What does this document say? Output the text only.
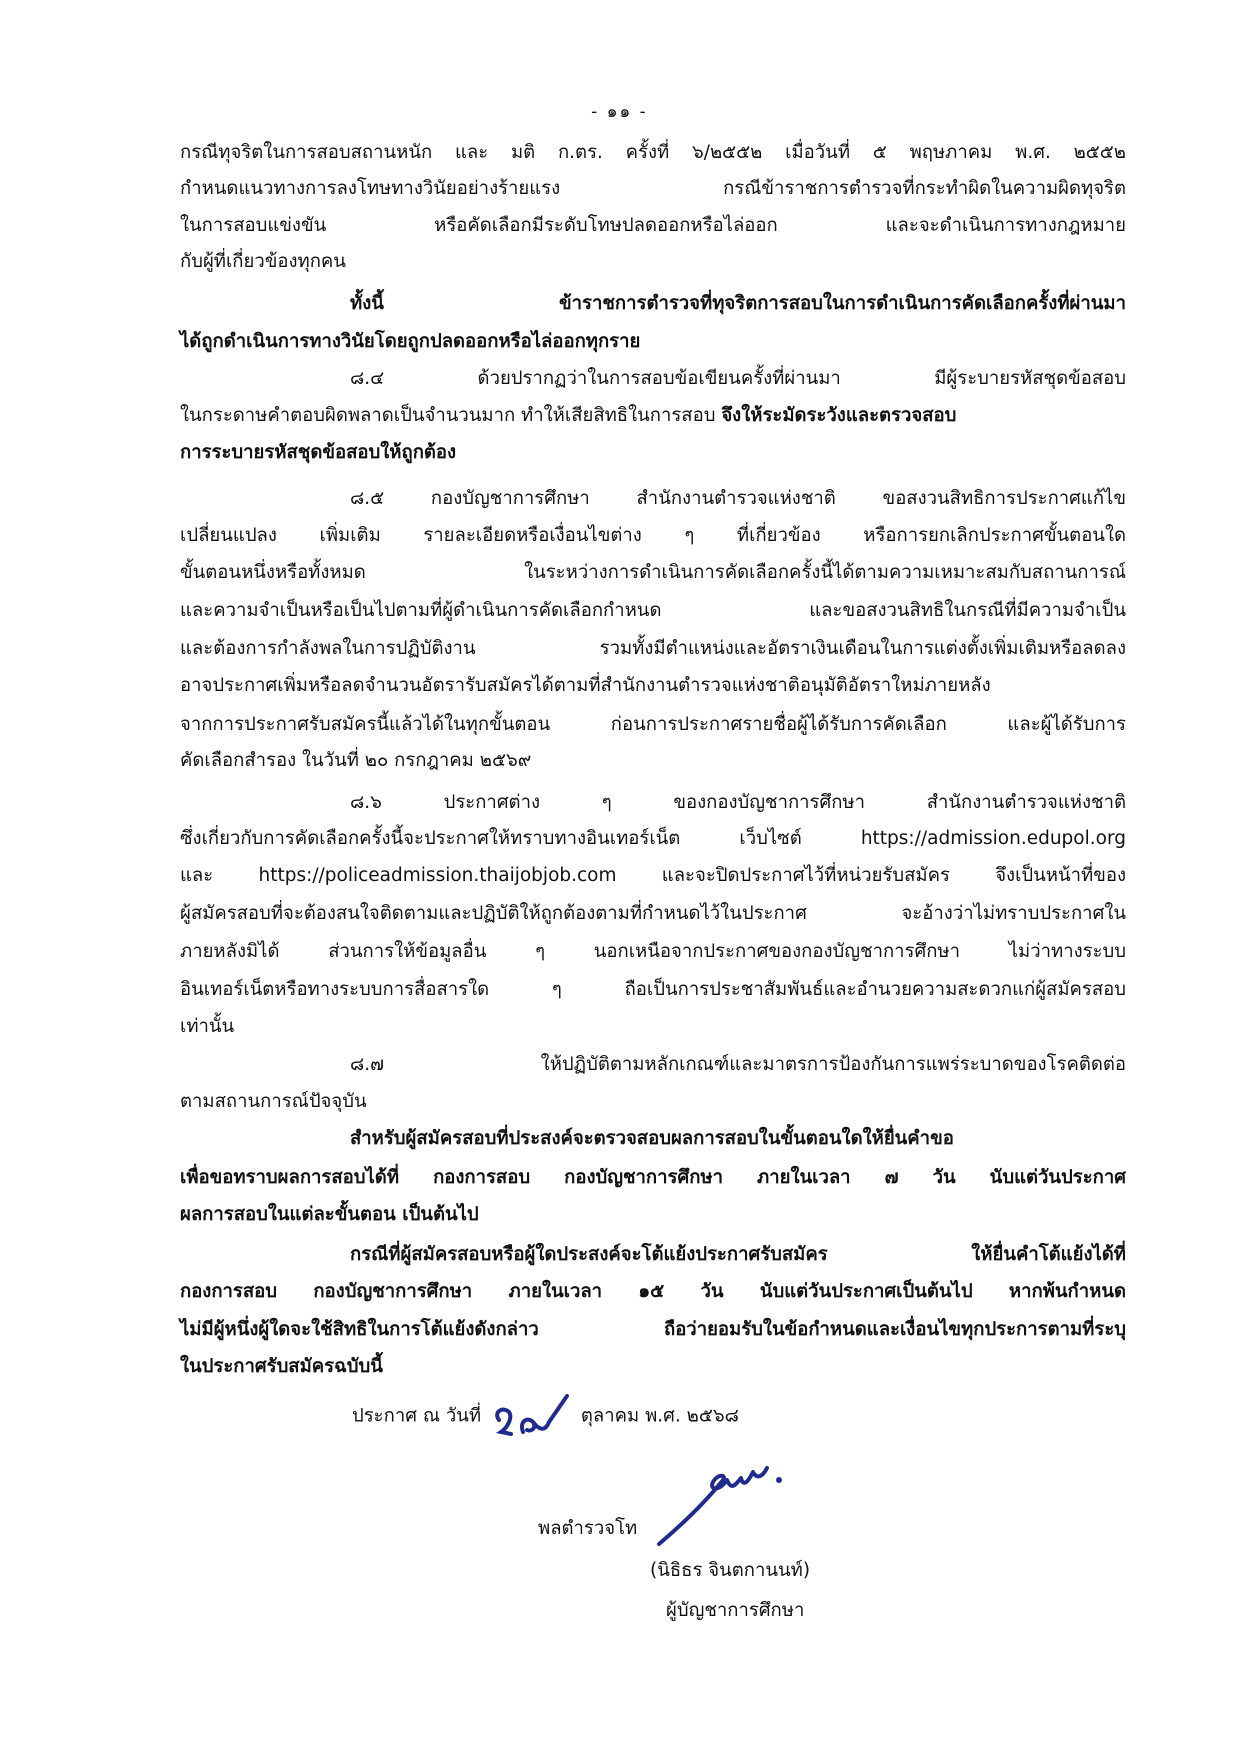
- ๑๑ -
กรณีทุจริตในการสอบสถานหนัก และ มติ ก.ตร. ครั้งที่ ๖/๒๕๕๒ เมื่อวันที่ ๕ พฤษภาคม พ.ศ. ๒๕๕๒
กำหนดแนวทางการลงโทษทางวินัยอย่างร้ายแรง กรณีข้าราชการตำรวจที่กระทำผิดในความผิดทุจริต
ในการสอบแข่งขัน หรือคัดเลือกมีระดับโทษปลดออกหรือไล่ออก และจะดำเนินการทางกฎหมาย
กับผู้ที่เกี่ยวข้องทุกคน
ทั้งนี้ ข้าราชการตำรวจที่ทุจริตการสอบในการดำเนินการคัดเลือกครั้งที่ผ่านมา
ได้ถูกดำเนินการทางวินัยโดยถูกปลดออกหรือไล่ออกทุกราย
๘.๔ ด้วยปรากฏว่าในการสอบข้อเขียนครั้งที่ผ่านมา มีผู้ระบายรหัสชุดข้อสอบ
ในกระดาษคำตอบผิดพลาดเป็นจำนวนมาก ทำให้เสียสิทธิในการสอบ จึงให้ระมัดระวังและตรวจสอบ
การระบายรหัสชุดข้อสอบให้ถูกต้อง
๘.๕ กองบัญชาการศึกษา สำนักงานตำรวจแห่งชาติ ขอสงวนสิทธิการประกาศแก้ไข
เปลี่ยนแปลง เพิ่มเติม รายละเอียดหรือเงื่อนไขต่าง ๆ ที่เกี่ยวข้อง หรือการยกเลิกประกาศขั้นตอนใด
ขั้นตอนหนึ่งหรือทั้งหมด ในระหว่างการดำเนินการคัดเลือกครั้งนี้ได้ตามความเหมาะสมกับสถานการณ์
และความจำเป็นหรือเป็นไปตามที่ผู้ดำเนินการคัดเลือกกำหนด และขอสงวนสิทธิในกรณีที่มีความจำเป็น
และต้องการกำลังพลในการปฏิบัติงาน รวมทั้งมีตำแหน่งและอัตราเงินเดือนในการแต่งตั้งเพิ่มเติมหรือลดลง
อาจประกาศเพิ่มหรือลดจำนวนอัตรารับสมัครได้ตามที่สำนักงานตำรวจแห่งชาติอนุมัติอัตราใหม่ภายหลัง
จากการประกาศรับสมัครนี้แล้วได้ในทุกขั้นตอน ก่อนการประกาศรายชื่อผู้ได้รับการคัดเลือก และผู้ได้รับการ
คัดเลือกสำรอง ในวันที่ ๒๐ กรกฎาคม ๒๕๖๙
๘.๖ ประกาศต่าง ๆ ของกองบัญชาการศึกษา สำนักงานตำรวจแห่งชาติ
ซึ่งเกี่ยวกับการคัดเลือกครั้งนี้จะประกาศให้ทราบทางอินเทอร์เน็ต เว็บไซต์ https://admission.edupol.org
และ https://policeadmission.thaijobjob.com และจะปิดประกาศไว้ที่หน่วยรับสมัคร จึงเป็นหน้าที่ของ
ผู้สมัครสอบที่จะต้องสนใจติดตามและปฏิบัติให้ถูกต้องตามที่กำหนดไว้ในประกาศ จะอ้างว่าไม่ทราบประกาศใน
ภายหลังมิได้ ส่วนการให้ข้อมูลอื่น ๆ นอกเหนือจากประกาศของกองบัญชาการศึกษา ไม่ว่าทางระบบ
อินเทอร์เน็ตหรือทางระบบการสื่อสารใด ๆ ถือเป็นการประชาสัมพันธ์และอำนวยความสะดวกแก่ผู้สมัครสอบ
เท่านั้น
๘.๗ ให้ปฏิบัติตามหลักเกณฑ์และมาตรการป้องกันการแพร่ระบาดของโรคติดต่อ
ตามสถานการณ์ปัจจุบัน
สำหรับผู้สมัครสอบที่ประสงค์จะตรวจสอบผลการสอบในขั้นตอนใดให้ยื่นคำขอ
เพื่อขอทราบผลการสอบได้ที่ กองการสอบ กองบัญชาการศึกษา ภายในเวลา ๗ วัน นับแต่วันประกาศ
ผลการสอบในแต่ละขั้นตอน เป็นต้นไป
กรณีที่ผู้สมัครสอบหรือผู้ใดประสงค์จะโต้แย้งประกาศรับสมัคร ให้ยื่นคำโต้แย้งได้ที่
กองการสอบ กองบัญชาการศึกษา ภายในเวลา ๑๕ วัน นับแต่วันประกาศเป็นต้นไป หากพ้นกำหนด
ไม่มีผู้หนึ่งผู้ใดจะใช้สิทธิในการโต้แย้งดังกล่าว ถือว่ายอมรับในข้อกำหนดและเงื่อนไขทุกประการตามที่ระบุ
ในประกาศรับสมัครฉบับนี้
ประกาศ ณ วันที่	ตุลาคม พ.ศ. ๒๕๖๘
พลตำรวจโท
(นิธิธร จินตกานนท์)
ผู้บัญชาการศึกษา
